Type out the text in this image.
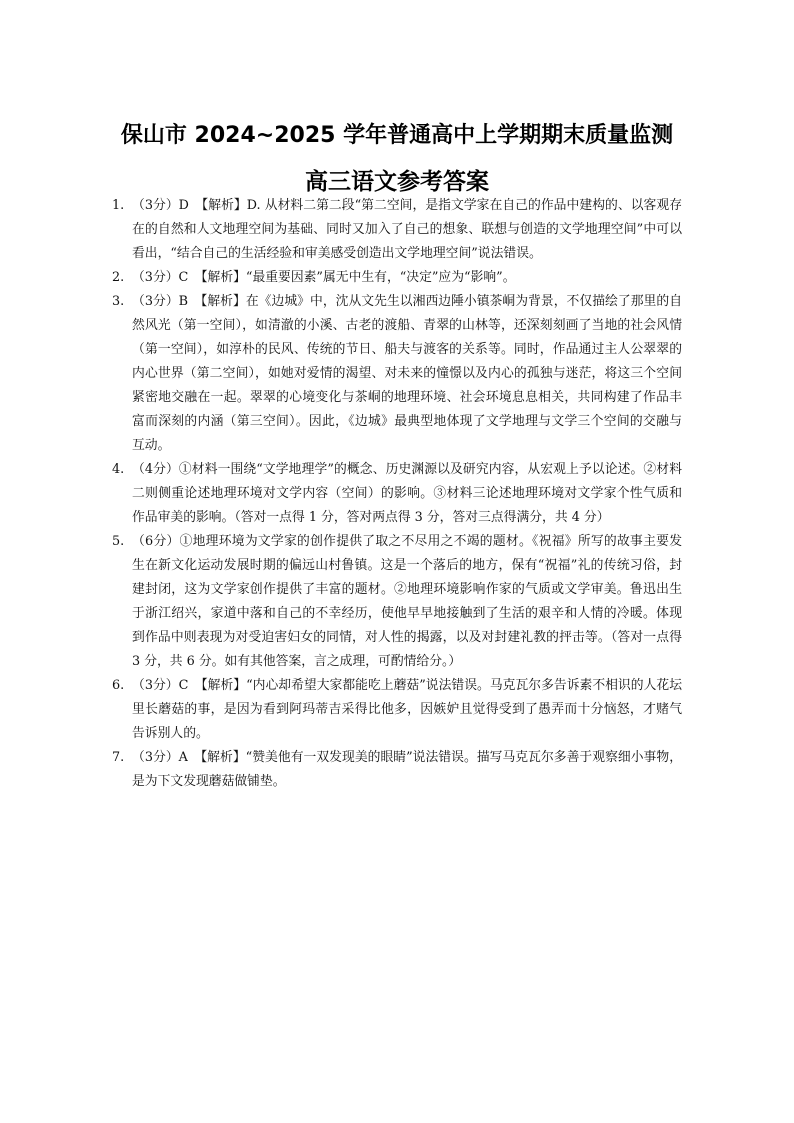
保山市 2024~2025 学年普通高中上学期期末质量监测
高三语文参考答案
1. （3分）D　【解析】D. 从材料二第二段“第二空间，是指文学家在自己的作品中建构的、以客观存在的自然和人文地理空间为基础、同时又加入了自己的想象、联想与创造的文学地理空间”中可以看出，“结合自己的生活经验和审美感受创造出文学地理空间”说法错误。
2. （3分）C　【解析】“最重要因素”属无中生有，“决定”应为“影响”。
3. （3分）B　【解析】在《边城》中，沈从文先生以湘西边陲小镇茶峒为背景，不仅描绘了那里的自然风光（第一空间），如清澈的小溪、古老的渡船、青翠的山林等，还深刻刻画了当地的社会风情（第一空间），如淳朴的民风、传统的节日、船夫与渡客的关系等。同时，作品通过主人公翠翠的内心世界（第二空间），如她对爱情的渴望、对未来的憧憬以及内心的孤独与迷茫，将这三个空间紧密地交融在一起。翠翠的心境变化与茶峒的地理环境、社会环境息息相关，共同构建了作品丰富而深刻的内涵（第三空间）。因此，《边城》最典型地体现了文学地理与文学三个空间的交融与互动。
4. （4分）①材料一围绕“文学地理学”的概念、历史渊源以及研究内容，从宏观上予以论述。②材料二则侧重论述地理环境对文学内容（空间）的影响。③材料三论述地理环境对文学家个性气质和作品审美的影响。（答对一点得 1 分，答对两点得 3 分，答对三点得满分，共 4 分）
5. （6分）①地理环境为文学家的创作提供了取之不尽用之不竭的题材。《祝福》所写的故事主要发生在新文化运动发展时期的偏远山村鲁镇。这是一个落后的地方，保有“祝福”礼的传统习俗，封建封闭，这为文学家创作提供了丰富的题材。②地理环境影响作家的气质或文学审美。鲁迅出生于浙江绍兴，家道中落和自己的不幸经历，使他早早地接触到了生活的艰辛和人情的冷暖。体现到作品中则表现为对受迫害妇女的同情，对人性的揭露，以及对封建礼教的抨击等。（答对一点得 3 分，共 6 分。如有其他答案，言之成理，可酌情给分。）
6. （3分）C　【解析】“内心却希望大家都能吃上蘑菇”说法错误。马克瓦尔多告诉素不相识的人花坛里长蘑菇的事，是因为看到阿玛蒂吉采得比他多，因嫉妒且觉得受到了愚弄而十分恼怒，才赌气告诉别人的。
7. （3分）A　【解析】“赞美他有一双发现美的眼睛”说法错误。描写马克瓦尔多善于观察细小事物，是为下文发现蘑菇做铺垫。
